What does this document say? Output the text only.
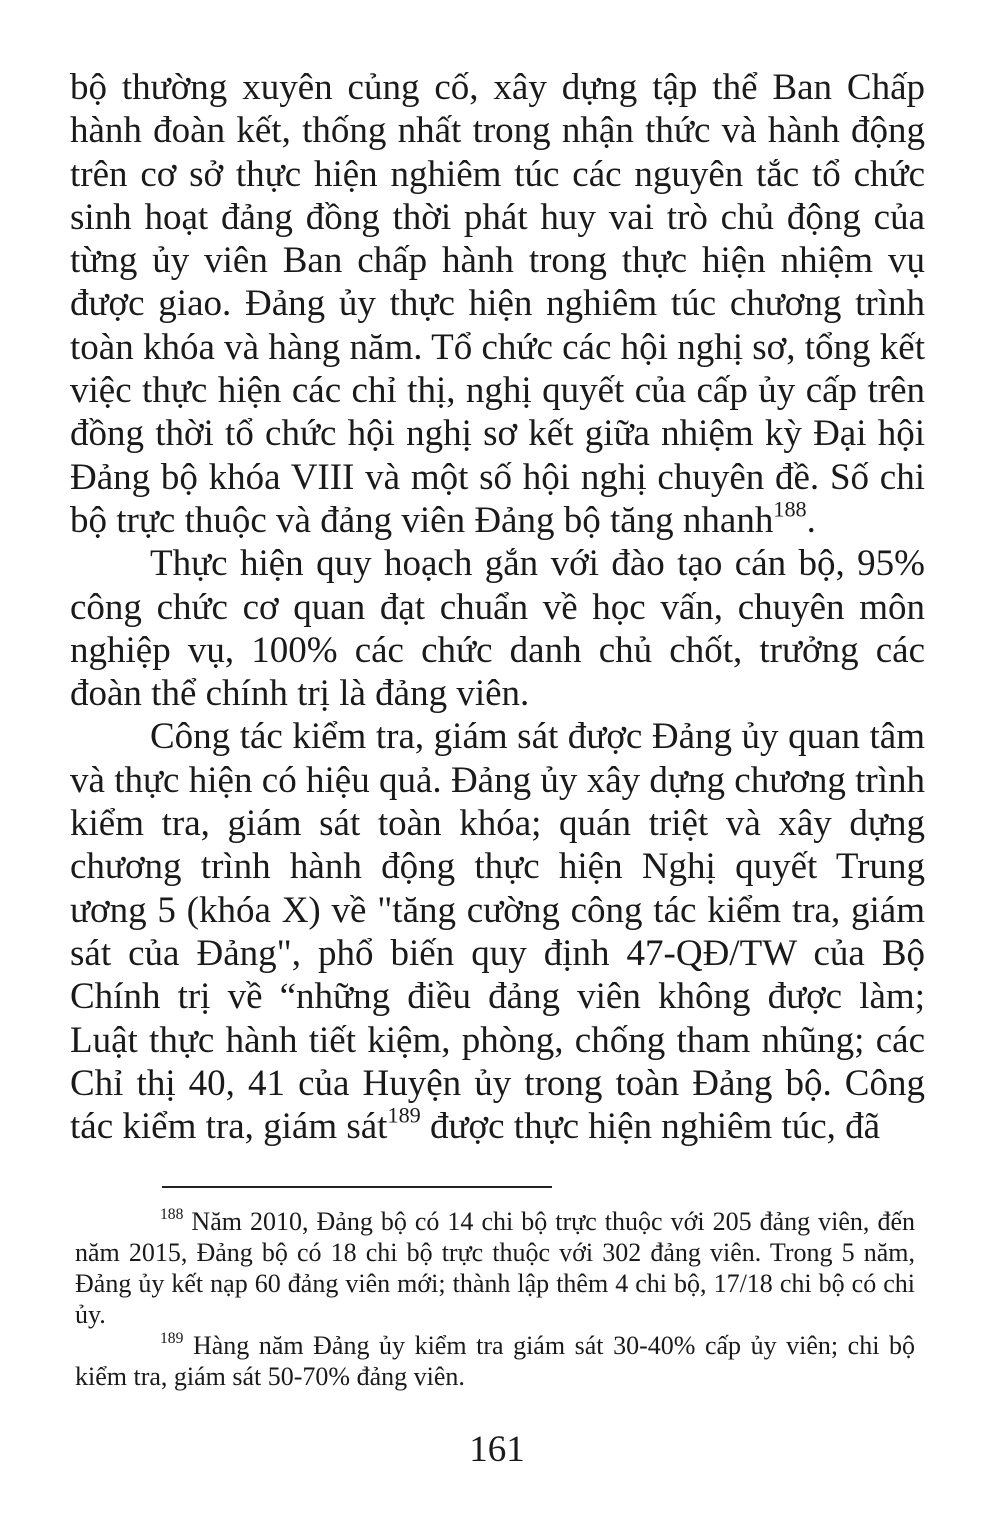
bộ thường xuyên củng cố, xây dựng tập thể Ban Chấp hành đoàn kết, thống nhất trong nhận thức và hành động trên cơ sở thực hiện nghiêm túc các nguyên tắc tổ chức sinh hoạt đảng đồng thời phát huy vai trò chủ động của từng ủy viên Ban chấp hành trong thực hiện nhiệm vụ được giao. Đảng ủy thực hiện nghiêm túc chương trình toàn khóa và hàng năm. Tổ chức các hội nghị sơ, tổng kết việc thực hiện các chỉ thị, nghị quyết của cấp ủy cấp trên đồng thời tổ chức hội nghị sơ kết giữa nhiệm kỳ Đại hội Đảng bộ khóa VIII và một số hội nghị chuyên đề. Số chi bộ trực thuộc và đảng viên Đảng bộ tăng nhanh$^{188}$.

Thực hiện quy hoạch gắn với đào tạo cán bộ, 95% công chức cơ quan đạt chuẩn về học vấn, chuyên môn nghiệp vụ, 100% các chức danh chủ chốt, trưởng các đoàn thể chính trị là đảng viên.

Công tác kiểm tra, giám sát được Đảng ủy quan tâm và thực hiện có hiệu quả. Đảng ủy xây dựng chương trình kiểm tra, giám sát toàn khóa; quán triệt và xây dựng chương trình hành động thực hiện Nghị quyết Trung ương 5 (khóa X) về "tăng cường công tác kiểm tra, giám sát của Đảng", phổ biến quy định 47-QĐ/TW của Bộ Chính trị về “những điều đảng viên không được làm; Luật thực hành tiết kiệm, phòng, chống tham nhũng; các Chỉ thị 40, 41 của Huyện ủy trong toàn Đảng bộ. Công tác kiểm tra, giám sát$^{189}$ được thực hiện nghiêm túc, đã

$^{188}$ Năm 2010, Đảng bộ có 14 chi bộ trực thuộc với 205 đảng viên, đến năm 2015, Đảng bộ có 18 chi bộ trực thuộc với 302 đảng viên. Trong 5 năm, Đảng ủy kết nạp 60 đảng viên mới; thành lập thêm 4 chi bộ, 17/18 chi bộ có chi ủy.

$^{189}$ Hàng năm Đảng ủy kiểm tra giám sát 30-40% cấp ủy viên; chi bộ kiểm tra, giám sát 50-70% đảng viên.

161
